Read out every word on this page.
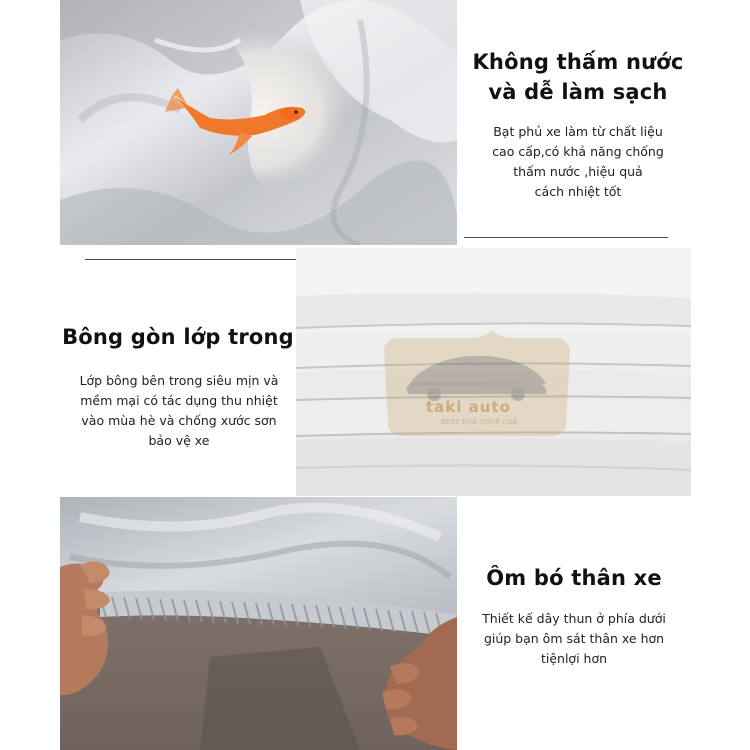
Không thấm nước
và dễ làm sạch
Bạt phủ xe làm từ chất liệu
cao cấp,có khả năng chống
thấm nước ,hiệu quả
cách nhiệt tốt
Bông gòn lớp trong
Lớp bông bên trong siêu mịn và
mềm mại có tác dụng thu nhiệt
vào mùa hè và chống xước sơn
bảo vệ xe
taki auto
BEST FOR YOUR CAR
Ôm bó thân xe
Thiết kế dây thun ở phía dưới
giúp bạn ôm sát thân xe hơn
tiệnlợi hơn
